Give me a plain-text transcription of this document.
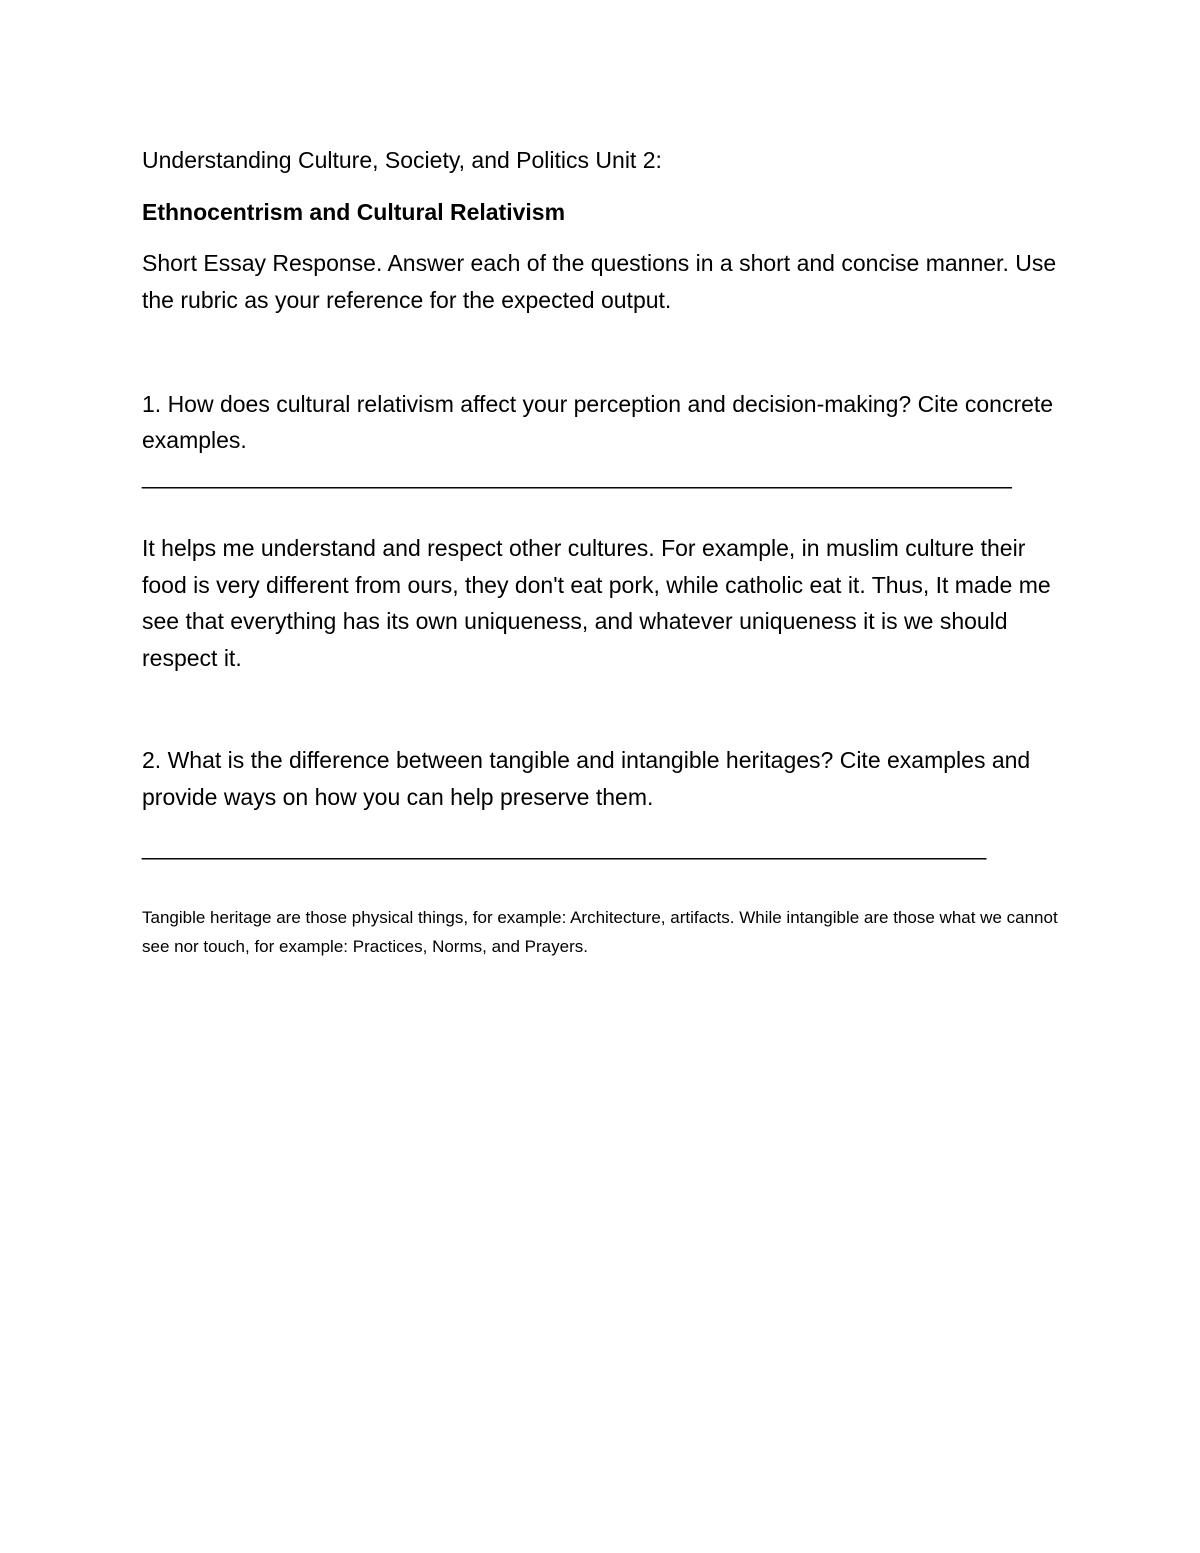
Understanding Culture, Society, and Politics Unit 2:

Ethnocentrism and Cultural Relativism

Short Essay Response. Answer each of the questions in a short and concise manner. Use the rubric as your reference for the expected output.

1. How does cultural relativism affect your perception and decision-making? Cite concrete examples.

____________________________________________________________________

It helps me understand and respect other cultures. For example, in muslim culture their food is very different from ours, they don't eat pork, while catholic eat it. Thus, It made me see that everything has its own uniqueness, and whatever uniqueness it is we should respect it.

2. What is the difference between tangible and intangible heritages? Cite examples and provide ways on how you can help preserve them.

__________________________________________________________________

Tangible heritage are those physical things, for example: Architecture, artifacts. While intangible are those what we cannot see nor touch, for example: Practices, Norms, and Prayers.
